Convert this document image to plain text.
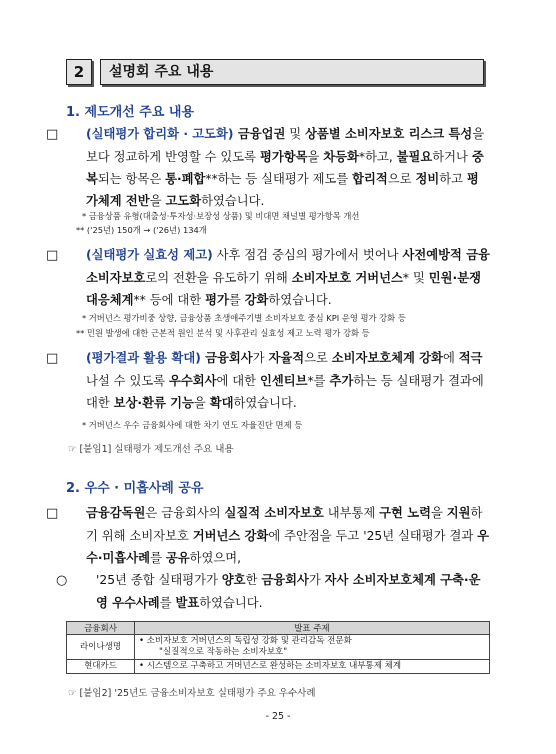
2	설명회 주요 내용
1. 제도개선 주요 내용
□ (실태평가 합리화 · 고도화) 금융업권 및 상품별 소비자보호 리스크 특성을 보다 정교하게 반영할 수 있도록 평가항목을 차등화*하고, 불필요하거나 중복되는 항목은 통·폐합**하는 등 실태평가 제도를 합리적으로 정비하고 평가체계 전반을 고도화하였습니다.
* 금융상품 유형(대출성·투자성·보장성 상품) 및 비대면 채널별 평가항목 개선
** ('25년) 150개 → ('26년) 134개
□ (실태평가 실효성 제고) 사후 점검 중심의 평가에서 벗어나 사전예방적 금융소비자보호로의 전환을 유도하기 위해 소비자보호 거버넌스* 및 민원·분쟁 대응체계** 등에 대한 평가를 강화하였습니다.
* 거버넌스 평가비중 상향, 금융상품 초생애주기별 소비자보호 중심 KPI 운영 평가 강화 등
** 민원 발생에 대한 근본적 원인 분석 및 사후관리 실효성 제고 노력 평가 강화 등
□ (평가결과 활용 확대) 금융회사가 자율적으로 소비자보호체계 강화에 적극 나설 수 있도록 우수회사에 대한 인센티브*를 추가하는 등 실태평가 결과에 대한 보상·환류 기능을 확대하였습니다.
* 거버넌스 우수 금융회사에 대한 차기 연도 자율진단 면제 등
☞ [붙임1] 실태평가 제도개선 주요 내용
2. 우수 · 미흡사례 공유
□ 금융감독원은 금융회사의 실질적 소비자보호 내부통제 구현 노력을 지원하기 위해 소비자보호 거버넌스 강화에 주안점을 두고 '25년 실태평가 결과 우수·미흡사례를 공유하였으며,
○ '25년 종합 실태평가가 양호한 금융회사가 자사 소비자보호체계 구축·운영 우수사례를 발표하였습니다.
금융회사	발표 주제
라이나생명	• 소비자보호 거버넌스의 독립성 강화 및 관리감독 전문화
"실질적으로 작동하는 소비자보호"

현대카드	• 시스템으로 구축하고 거버넌스로 완성하는 소비자보호 내부통제 체계
☞ [붙임2] '25년도 금융소비자보호 실태평가 주요 우수사례
- 25 -
